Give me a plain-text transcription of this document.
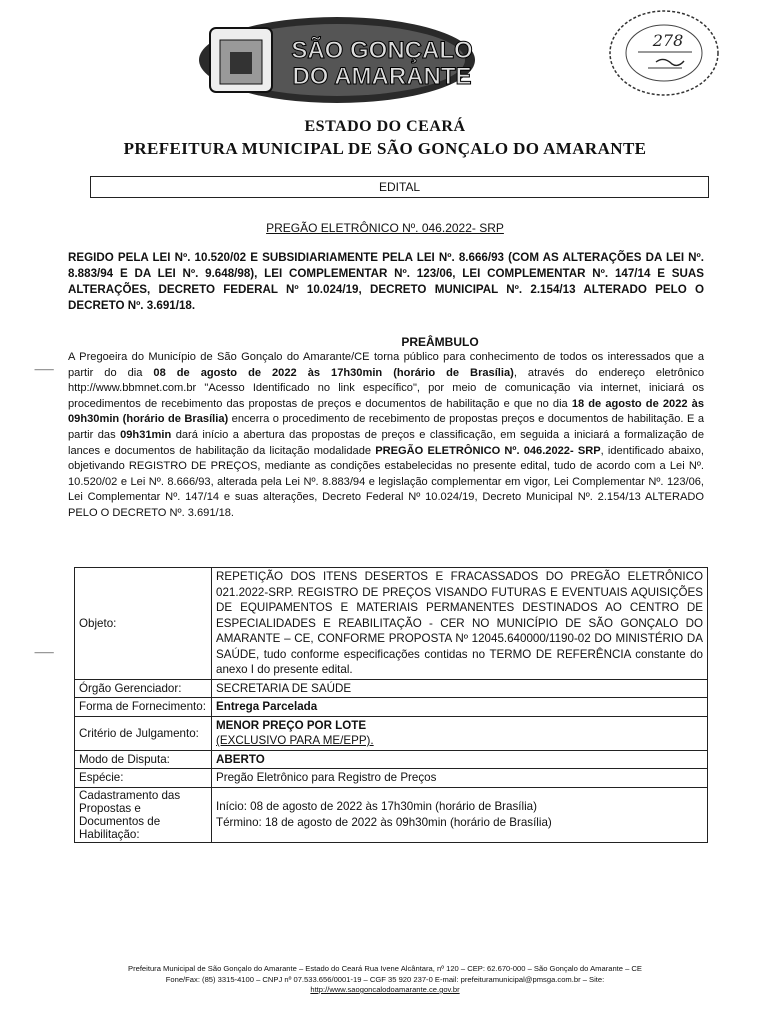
SÃO GONÇALO
DO AMARANTE
278
ESTADO DO CEARÁ
PREFEITURA MUNICIPAL DE SÃO GONÇALO DO AMARANTE
EDITAL
PREGÃO ELETRÔNICO Nº. 046.2022- SRP
REGIDO PELA LEI Nº. 10.520/02 E SUBSIDIARIAMENTE PELA LEI Nº. 8.666/93 (COM AS ALTERAÇÕES DA LEI Nº. 8.883/94 E DA LEI Nº. 9.648/98), LEI COMPLEMENTAR Nº. 123/06, LEI COMPLEMENTAR Nº. 147/14 E SUAS ALTERAÇÕES, DECRETO FEDERAL Nº 10.024/19, DECRETO MUNICIPAL Nº. 2.154/13 ALTERADO PELO O DECRETO Nº. 3.691/18.
PREÂMBULO
A Pregoeira do Município de São Gonçalo do Amarante/CE torna público para conhecimento de todos os interessados que a partir do dia 08 de agosto de 2022 às 17h30min (horário de Brasília), através do endereço eletrônico http://www.bbmnet.com.br "Acesso Identificado no link específico", por meio de comunicação via internet, iniciará os procedimentos de recebimento das propostas de preços e documentos de habilitação e que no dia 18 de agosto de 2022 às 09h30min (horário de Brasília) encerra o procedimento de recebimento de propostas preços e documentos de habilitação. E a partir das 09h31min dará início a abertura das propostas de preços e classificação, em seguida a iniciará a formalização de lances e documentos de habilitação da licitação modalidade PREGÃO ELETRÔNICO Nº. 046.2022- SRP, identificado abaixo, objetivando REGISTRO DE PREÇOS, mediante as condições estabelecidas no presente edital, tudo de acordo com a Lei Nº. 10.520/02 e Lei Nº. 8.666/93, alterada pela Lei Nº. 8.883/94 e legislação complementar em vigor, Lei Complementar Nº. 123/06, Lei Complementar Nº. 147/14 e suas alterações, Decreto Federal Nº 10.024/19, Decreto Municipal Nº. 2.154/13 ALTERADO PELO O DECRETO Nº. 3.691/18.
⸺
⸺
Objeto:	REPETIÇÃO DOS ITENS DESERTOS E FRACASSADOS DO PREGÃO ELETRÔNICO 021.2022-SRP. REGISTRO DE PREÇOS VISANDO FUTURAS E EVENTUAIS AQUISIÇÕES DE EQUIPAMENTOS E MATERIAIS PERMANENTES DESTINADOS AO CENTRO DE ESPECIALIDADES E REABILITAÇÃO - CER NO MUNICÍPIO DE SÃO GONÇALO DO AMARANTE – CE, CONFORME PROPOSTA Nº 12045.640000/1190-02 DO MINISTÉRIO DA SAÚDE, tudo conforme especificações contidas no TERMO DE REFERÊNCIA constante do anexo I do presente edital.
Órgão Gerenciador:	SECRETARIA DE SAÚDE
Forma de Fornecimento:	Entrega Parcelada
Critério de Julgamento:	MENOR PREÇO POR LOTE
(EXCLUSIVO PARA ME/EPP).

Modo de Disputa:	ABERTO
Espécie:	Pregão Eletrônico para Registro de Preços
Cadastramento das Propostas e Documentos de Habilitação:	Início: 08 de agosto de 2022 às 17h30min (horário de Brasília)
Término: 18 de agosto de 2022 às 09h30min (horário de Brasília)
Prefeitura Municipal de São Gonçalo do Amarante – Estado do Ceará Rua Ivene Alcântara, nº 120 – CEP: 62.670-000 – São Gonçalo do Amarante – CE
Fone/Fax: (85) 3315-4100 – CNPJ nº 07.533.656/0001-19 – CGF 35 920 237-0 E-mail: prefeituramunicipal@pmsga.com.br – Site:
http://www.saogoncalodoamarante.ce.gov.br
